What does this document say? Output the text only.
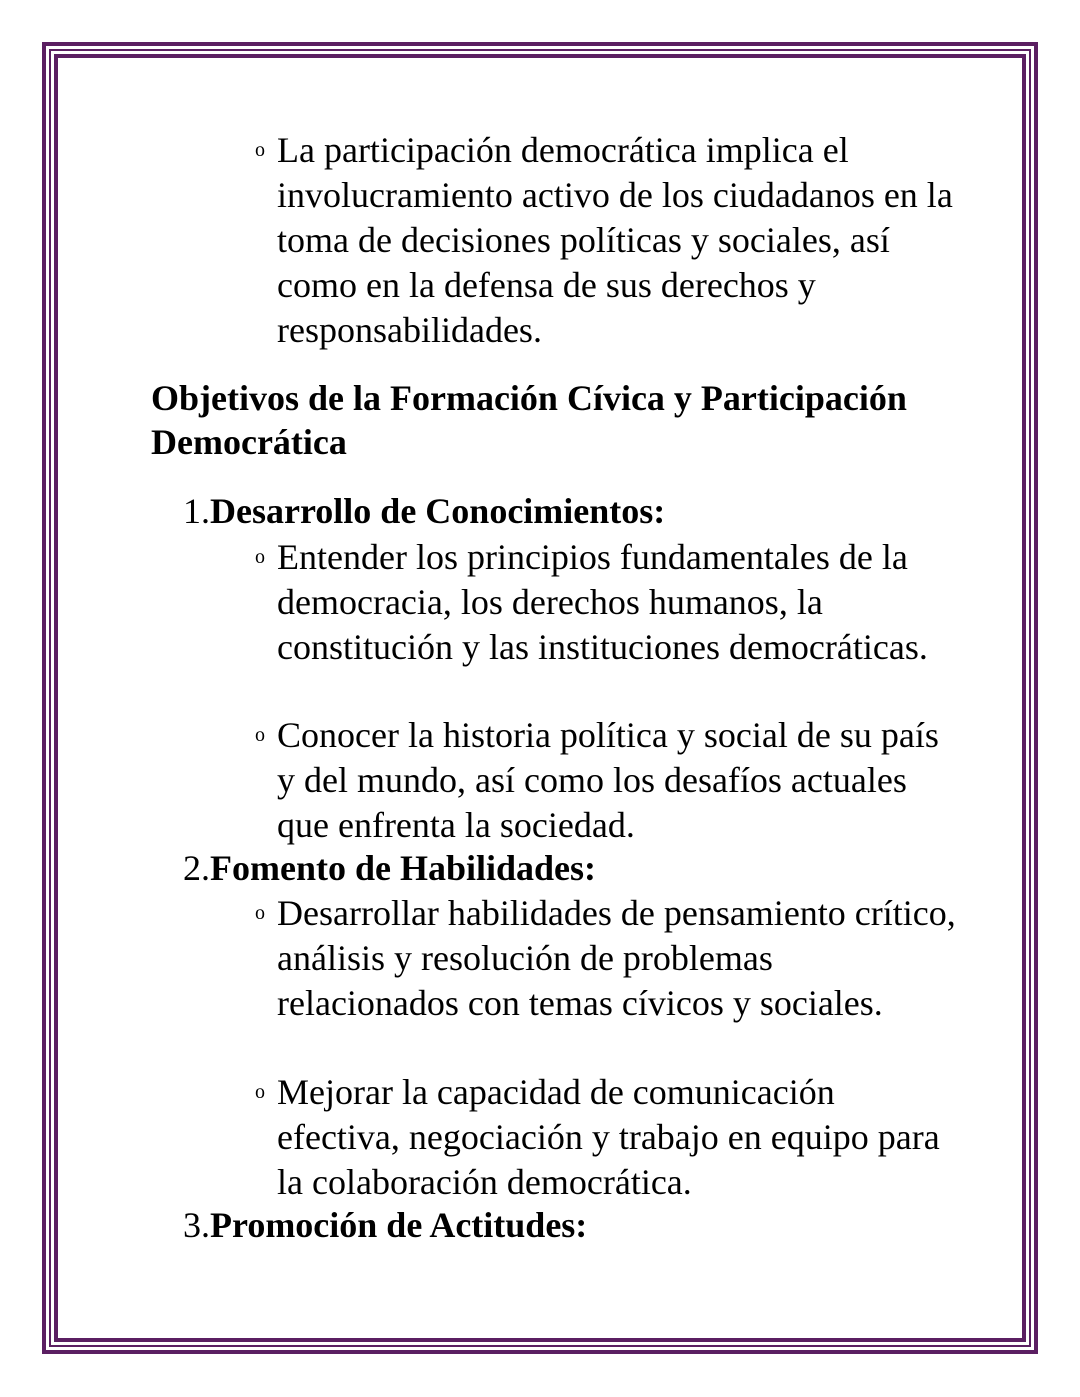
o La participación democrática implica el involucramiento activo de los ciudadanos en la toma de decisiones políticas y sociales, así como en la defensa de sus derechos y responsabilidades.
Objetivos de la Formación Cívica y Participación Democrática
1.Desarrollo de Conocimientos:
o Entender los principios fundamentales de la democracia, los derechos humanos, la constitución y las instituciones democráticas.
o Conocer la historia política y social de su país y del mundo, así como los desafíos actuales que enfrenta la sociedad.
2.Fomento de Habilidades:
o Desarrollar habilidades de pensamiento crítico, análisis y resolución de problemas relacionados con temas cívicos y sociales.
o Mejorar la capacidad de comunicación efectiva, negociación y trabajo en equipo para la colaboración democrática.
3.Promoción de Actitudes:
